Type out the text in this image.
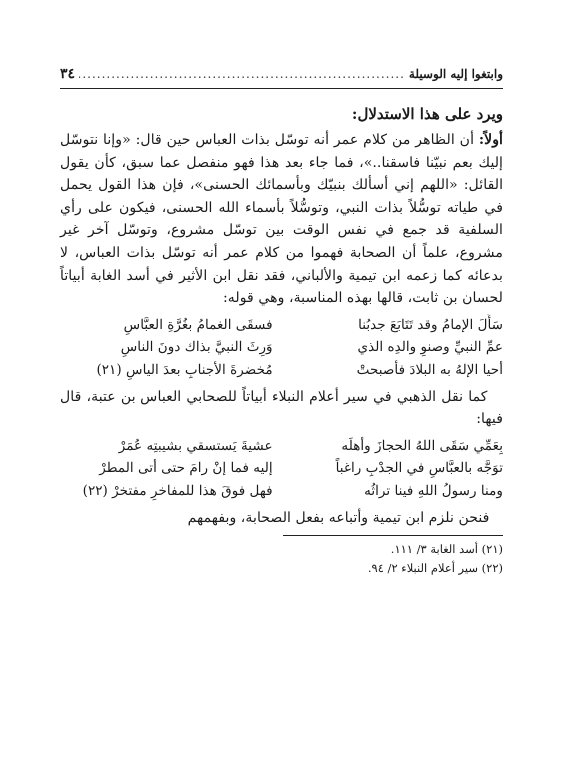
وابتغوا إليه الوسيلة
.....
٣٤
ويرد على هذا الاستدلال:

أولاً: أن الظاهر من كلام عمر أنه توسّل بذات العباس حين قال: «وإنا نتوسّل إليك بعم نبيّنا فاسقنا..»، فما جاء بعد هذا فهو منفصل عما سبق، كأن يقول القائل: «اللهم إني أسألك بنبيّك وبأسمائك الحسنى»، فإن هذا القول يحمل في طياته توسُّلاً بذات النبي، وتوسُّلاً بأسماء الله الحسنى، فيكون على رأي السلفية قد جمع في نفس الوقت بين توسّل مشروع، وتوسّل آخر غير مشروع، علماً أن الصحابة فهموا من كلام عمر أنه توسّل بذات العباس، لا بدعائه كما زعمه ابن تيمية والألباني، فقد نقل ابن الأثير في أسد الغابة أبياتاً لحسان بن ثابت، قالها بهذه المناسبة، وهي قوله:

سَأَلَ الإمامُ وقد تَتَابَعَ جدبُنا
فسقَى الغمامُ بغُرَّةِ العبَّاسِ
عمِّ النبيِّ وصنوِ والدِه الذي
وَرِثَ النبيَّ بذاك دونَ الناسِ
أحيا الإلهُ به البلادَ فأصبحتْ
مُخضرةَ الأجنابِ بعدَ الياسِ (٢١)

كما نقل الذهبي في سير أعلام النبلاء أبياتاً للصحابي العباس بن عتبة، قال فيها:

بِعَمِّي سَقَى اللهُ الحجازَ وأهلَه
عشيةَ يَستسقي بشيبتِه عُمَرْ
توَجَّه بالعبَّاسِ في الجدْبِ راغباً
إليه فما إنْ رامَ حتى أتى المطرْ
ومنا رسولُ اللهِ فينا تراثُه
فهل فوقَ هذا للمفاخرِ مفتخرْ (٢٢)

فنحن نلزم ابن تيمية وأتباعه بفعل الصحابة، وبفهمهم

(٢١) أسد الغابة ٣/ ١١١.

(٢٢) سير أعلام النبلاء ٢/ ٩٤.
